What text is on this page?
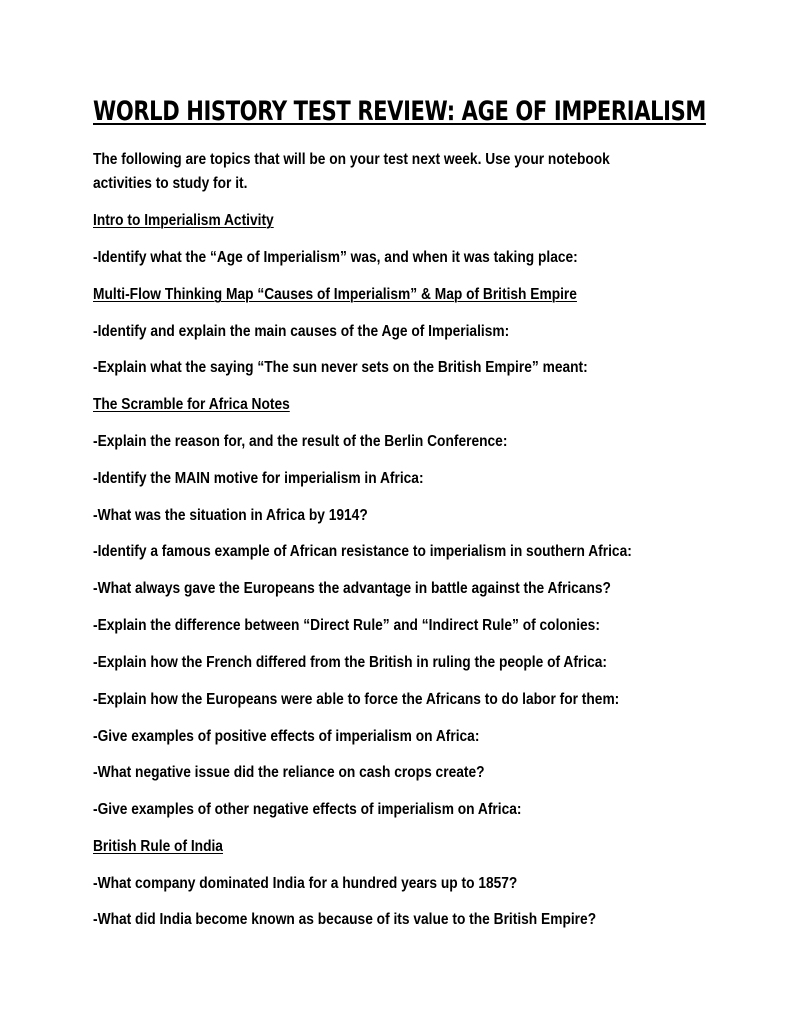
WORLD HISTORY TEST REVIEW: AGE OF IMPERIALISM

The following are topics that will be on your test next week. Use your notebook

activities to study for it.

Intro to Imperialism Activity

-Identify what the “Age of Imperialism” was, and when it was taking place:

Multi-Flow Thinking Map “Causes of Imperialism” & Map of British Empire

-Identify and explain the main causes of the Age of Imperialism:

-Explain what the saying “The sun never sets on the British Empire” meant:

The Scramble for Africa Notes

-Explain the reason for, and the result of the Berlin Conference:

-Identify the MAIN motive for imperialism in Africa:

-What was the situation in Africa by 1914?

-Identify a famous example of African resistance to imperialism in southern Africa:

-What always gave the Europeans the advantage in battle against the Africans?

-Explain the difference between “Direct Rule” and “Indirect Rule” of colonies:

-Explain how the French differed from the British in ruling the people of Africa:

-Explain how the Europeans were able to force the Africans to do labor for them:

-Give examples of positive effects of imperialism on Africa:

-What negative issue did the reliance on cash crops create?

-Give examples of other negative effects of imperialism on Africa:

British Rule of India

-What company dominated India for a hundred years up to 1857?

-What did India become known as because of its value to the British Empire?
